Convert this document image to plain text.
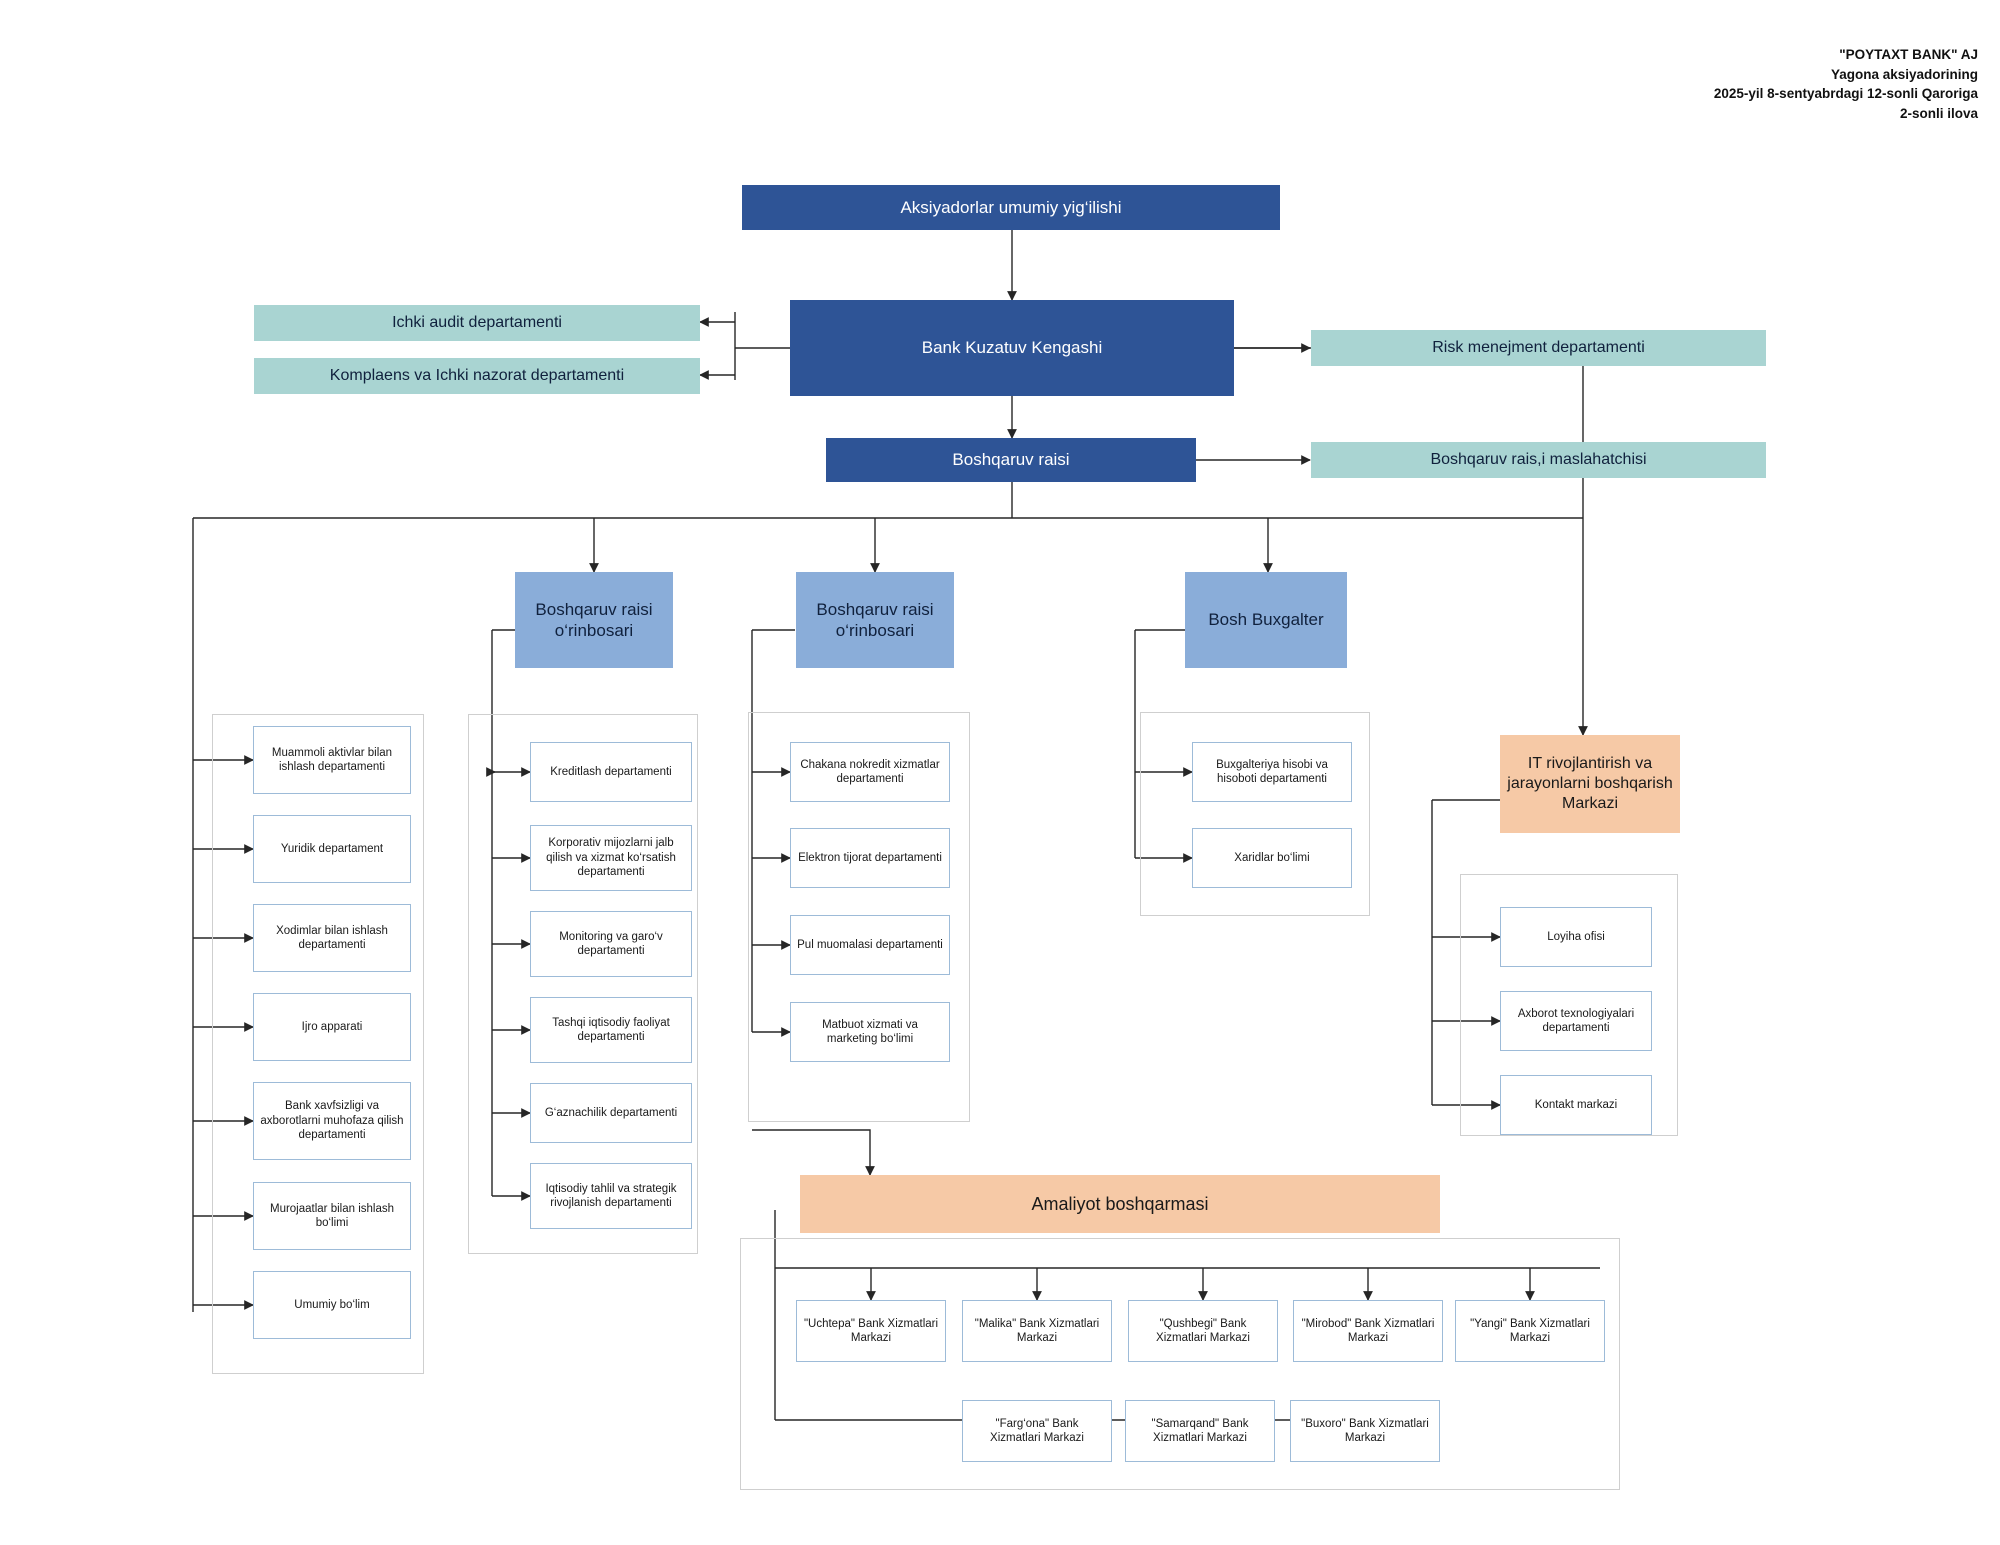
"POYTAXT BANK" AJ
Yagona aksiyadorining
2025-yil 8-sentyabrdagi 12-sonli Qaroriga
2-sonli ilova
Aksiyadorlar umumiy yig‘ilishi
Bank Kuzatuv Kengashi
Ichki audit departamenti
Komplaens va Ichki nazorat departamenti
Risk menejment departamenti
Boshqaruv raisi	Boshqaruv rais,i maslahatchisi
Boshqaruv raisi o‘rinbosari
Boshqaruv raisi o‘rinbosari
Bosh Buxgalter
IT rivojlantirish va jarayonlarni boshqarish Markazi
Amaliyot boshqarmasi
Muammoli aktivlar bilan ishlash departamenti
Yuridik departament
Xodimlar bilan ishlash departamenti
Ijro apparati
Bank xavfsizligi va axborotlarni muhofaza qilish departamenti
Murojaatlar bilan ishlash bo‘limi
Umumiy bo‘lim
Kreditlash departamenti
Korporativ mijozlarni jalb qilish va xizmat ko‘rsatish departamenti
Monitoring va garo‘v departamenti
Tashqi iqtisodiy faoliyat departamenti
G‘aznachilik departamenti
Iqtisodiy tahlil va strategik rivojlanish departamenti
Chakana nokredit xizmatlar departamenti
Elektron tijorat departamenti
Pul muomalasi departamenti
Matbuot xizmati va marketing bo‘limi
Buxgalteriya hisobi va hisoboti departamenti
Xaridlar bo‘limi
Loyiha ofisi
Axborot texnologiyalari departamenti
Kontakt markazi
"Uchtepa" Bank Xizmatlari Markazi
"Malika" Bank Xizmatlari Markazi
"Qushbegi" Bank Xizmatlari Markazi
"Mirobod" Bank Xizmatlari Markazi
"Yangi" Bank Xizmatlari Markazi
"Farg‘ona" Bank Xizmatlari Markazi
"Samarqand" Bank Xizmatlari Markazi
"Buxoro" Bank Xizmatlari Markazi
